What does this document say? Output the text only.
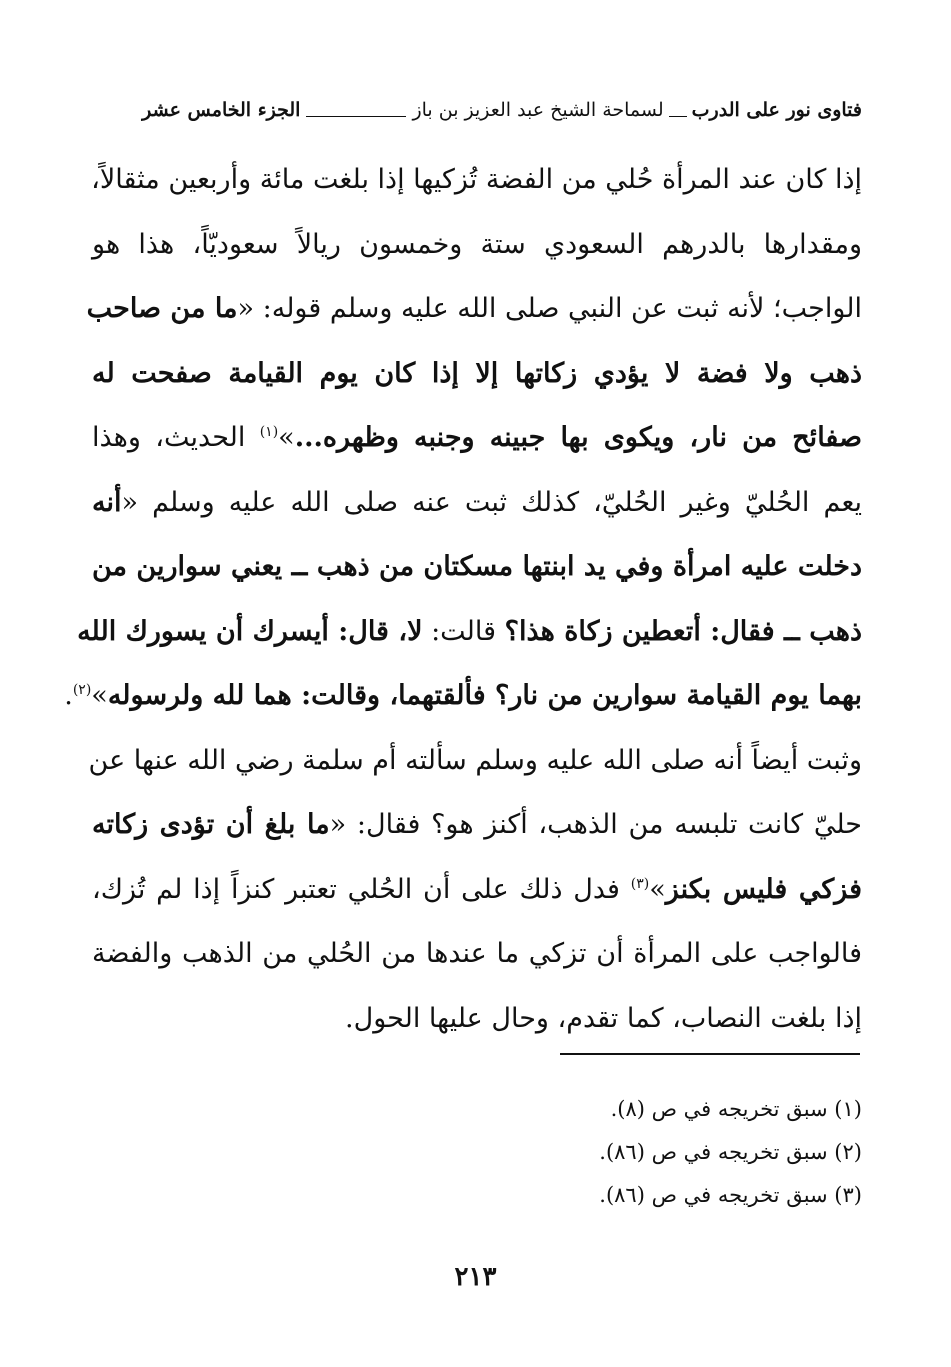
فتاوى نور على الدرب
لسماحة الشيخ عبد العزيز بن باز
الجزء الخامس عشر
إذا كان عند المرأة حُلي من الفضة تُزكيها إذا بلغت مائة وأربعين مثقالاً،
ومقدارها بالدرهم السعودي ستة وخمسون ريالاً سعوديّاً، هذا هو
الواجب؛ لأنه ثبت عن النبي صلى الله عليه وسلم قوله: «ما من صاحب
ذهب ولا فضة لا يؤدي زكاتها إلا إذا كان يوم القيامة صفحت له
صفائح من نار، ويكوى بها جبينه وجنبه وظهره...»$^{(١)}$ الحديث، وهذا
يعم الحُليّ وغير الحُليّ، كذلك ثبت عنه صلى الله عليه وسلم «أنه
دخلت عليه امرأة وفي يد ابنتها مسكتان من ذهب ــ يعني سوارين من
ذهب ــ فقال: أتعطين زكاة هذا؟ قالت: لا، قال: أيسرك أن يسورك الله
بهما يوم القيامة سوارين من نار؟ فألقتهما، وقالت: هما لله ولرسوله»$^{(٢)}$.
وثبت أيضاً أنه صلى الله عليه وسلم سألته أم سلمة رضي الله عنها عن
حليّ كانت تلبسه من الذهب، أكنز هو؟ فقال: «ما بلغ أن تؤدى زكاته
فزكي فليس بكنز»$^{(٣)}$ فدل ذلك على أن الحُلي تعتبر كنزاً إذا لم تُزك،
فالواجب على المرأة أن تزكي ما عندها من الحُلي من الذهب والفضة
إذا بلغت النصاب، كما تقدم، وحال عليها الحول.
(١) سبق تخريجه في ص (٨).
(٢) سبق تخريجه في ص (٨٦).
(٣) سبق تخريجه في ص (٨٦).
٢١٣
